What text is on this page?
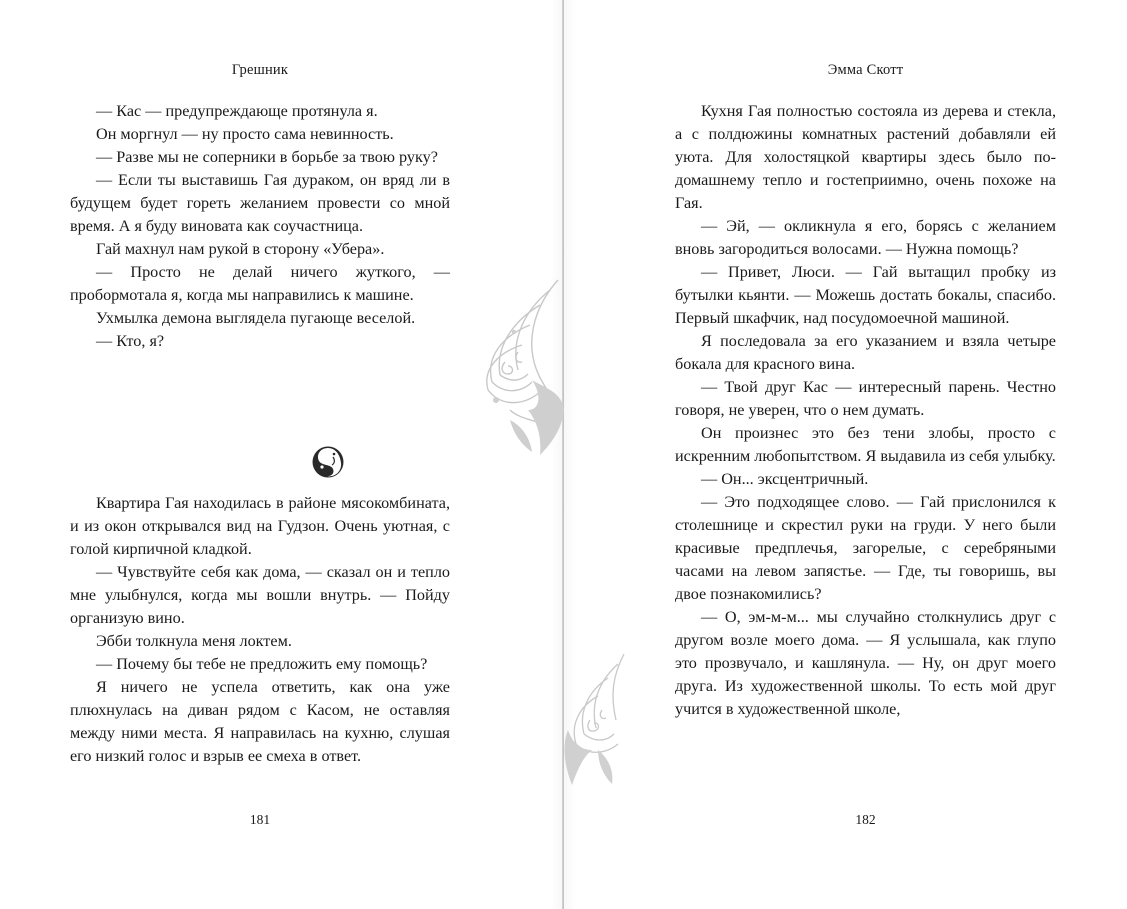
Грешник

— Кас — предупреждающе протянула я.

Он моргнул — ну просто сама невинность.

— Разве мы не соперники в борьбе за твою руку?

— Если ты выставишь Гая дураком, он вряд ли в будущем будет гореть желанием провести со мной время. А я буду виновата как соучастница.

Гай махнул нам рукой в сторону «Убера».

— Просто не делай ничего жуткого, — пробормотала я, когда мы направились к машине.

Ухмылка демона выглядела пугающе веселой.

— Кто, я?

Квартира Гая находилась в районе мясокомбината, и из окон открывался вид на Гудзон. Очень уютная, с голой кирпичной кладкой.

— Чувствуйте себя как дома, — сказал он и тепло мне улыбнулся, когда мы вошли внутрь. — Пойду организую вино.

Эбби толкнула меня локтем.

— Почему бы тебе не предложить ему помощь?

Я ничего не успела ответить, как она уже плюхнулась на диван рядом с Касом, не оставляя между ними места. Я направилась на кухню, слушая его низкий голос и взрыв ее смеха в ответ.

181
Эмма Скотт

Кухня Гая полностью состояла из дерева и стекла, а с полдюжины комнатных растений добавляли ей уюта. Для холостяцкой квартиры здесь было по-домашнему тепло и гостеприимно, очень похоже на Гая.

— Эй, — окликнула я его, борясь с желанием вновь загородиться волосами. — Нужна помощь?

— Привет, Люси. — Гай вытащил пробку из бутылки кьянти. — Можешь достать бокалы, спасибо. Первый шкафчик, над посудомоечной машиной.

Я последовала за его указанием и взяла четыре бокала для красного вина.

— Твой друг Кас — интересный парень. Честно говоря, не уверен, что о нем думать.

Он произнес это без тени злобы, просто с искренним любопытством. Я выдавила из себя улыбку.

— Он... эксцентричный.

— Это подходящее слово. — Гай прислонился к столешнице и скрестил руки на груди. У него были красивые предплечья, загорелые, с серебряными часами на левом запястье. — Где, ты говоришь, вы двое познакомились?

— О, эм-м-м... мы случайно столкнулись друг с другом возле моего дома. — Я услышала, как глупо это прозвучало, и кашлянула. — Ну, он друг моего друга. Из художественной школы. То есть мой друг учится в художественной школе,

182
